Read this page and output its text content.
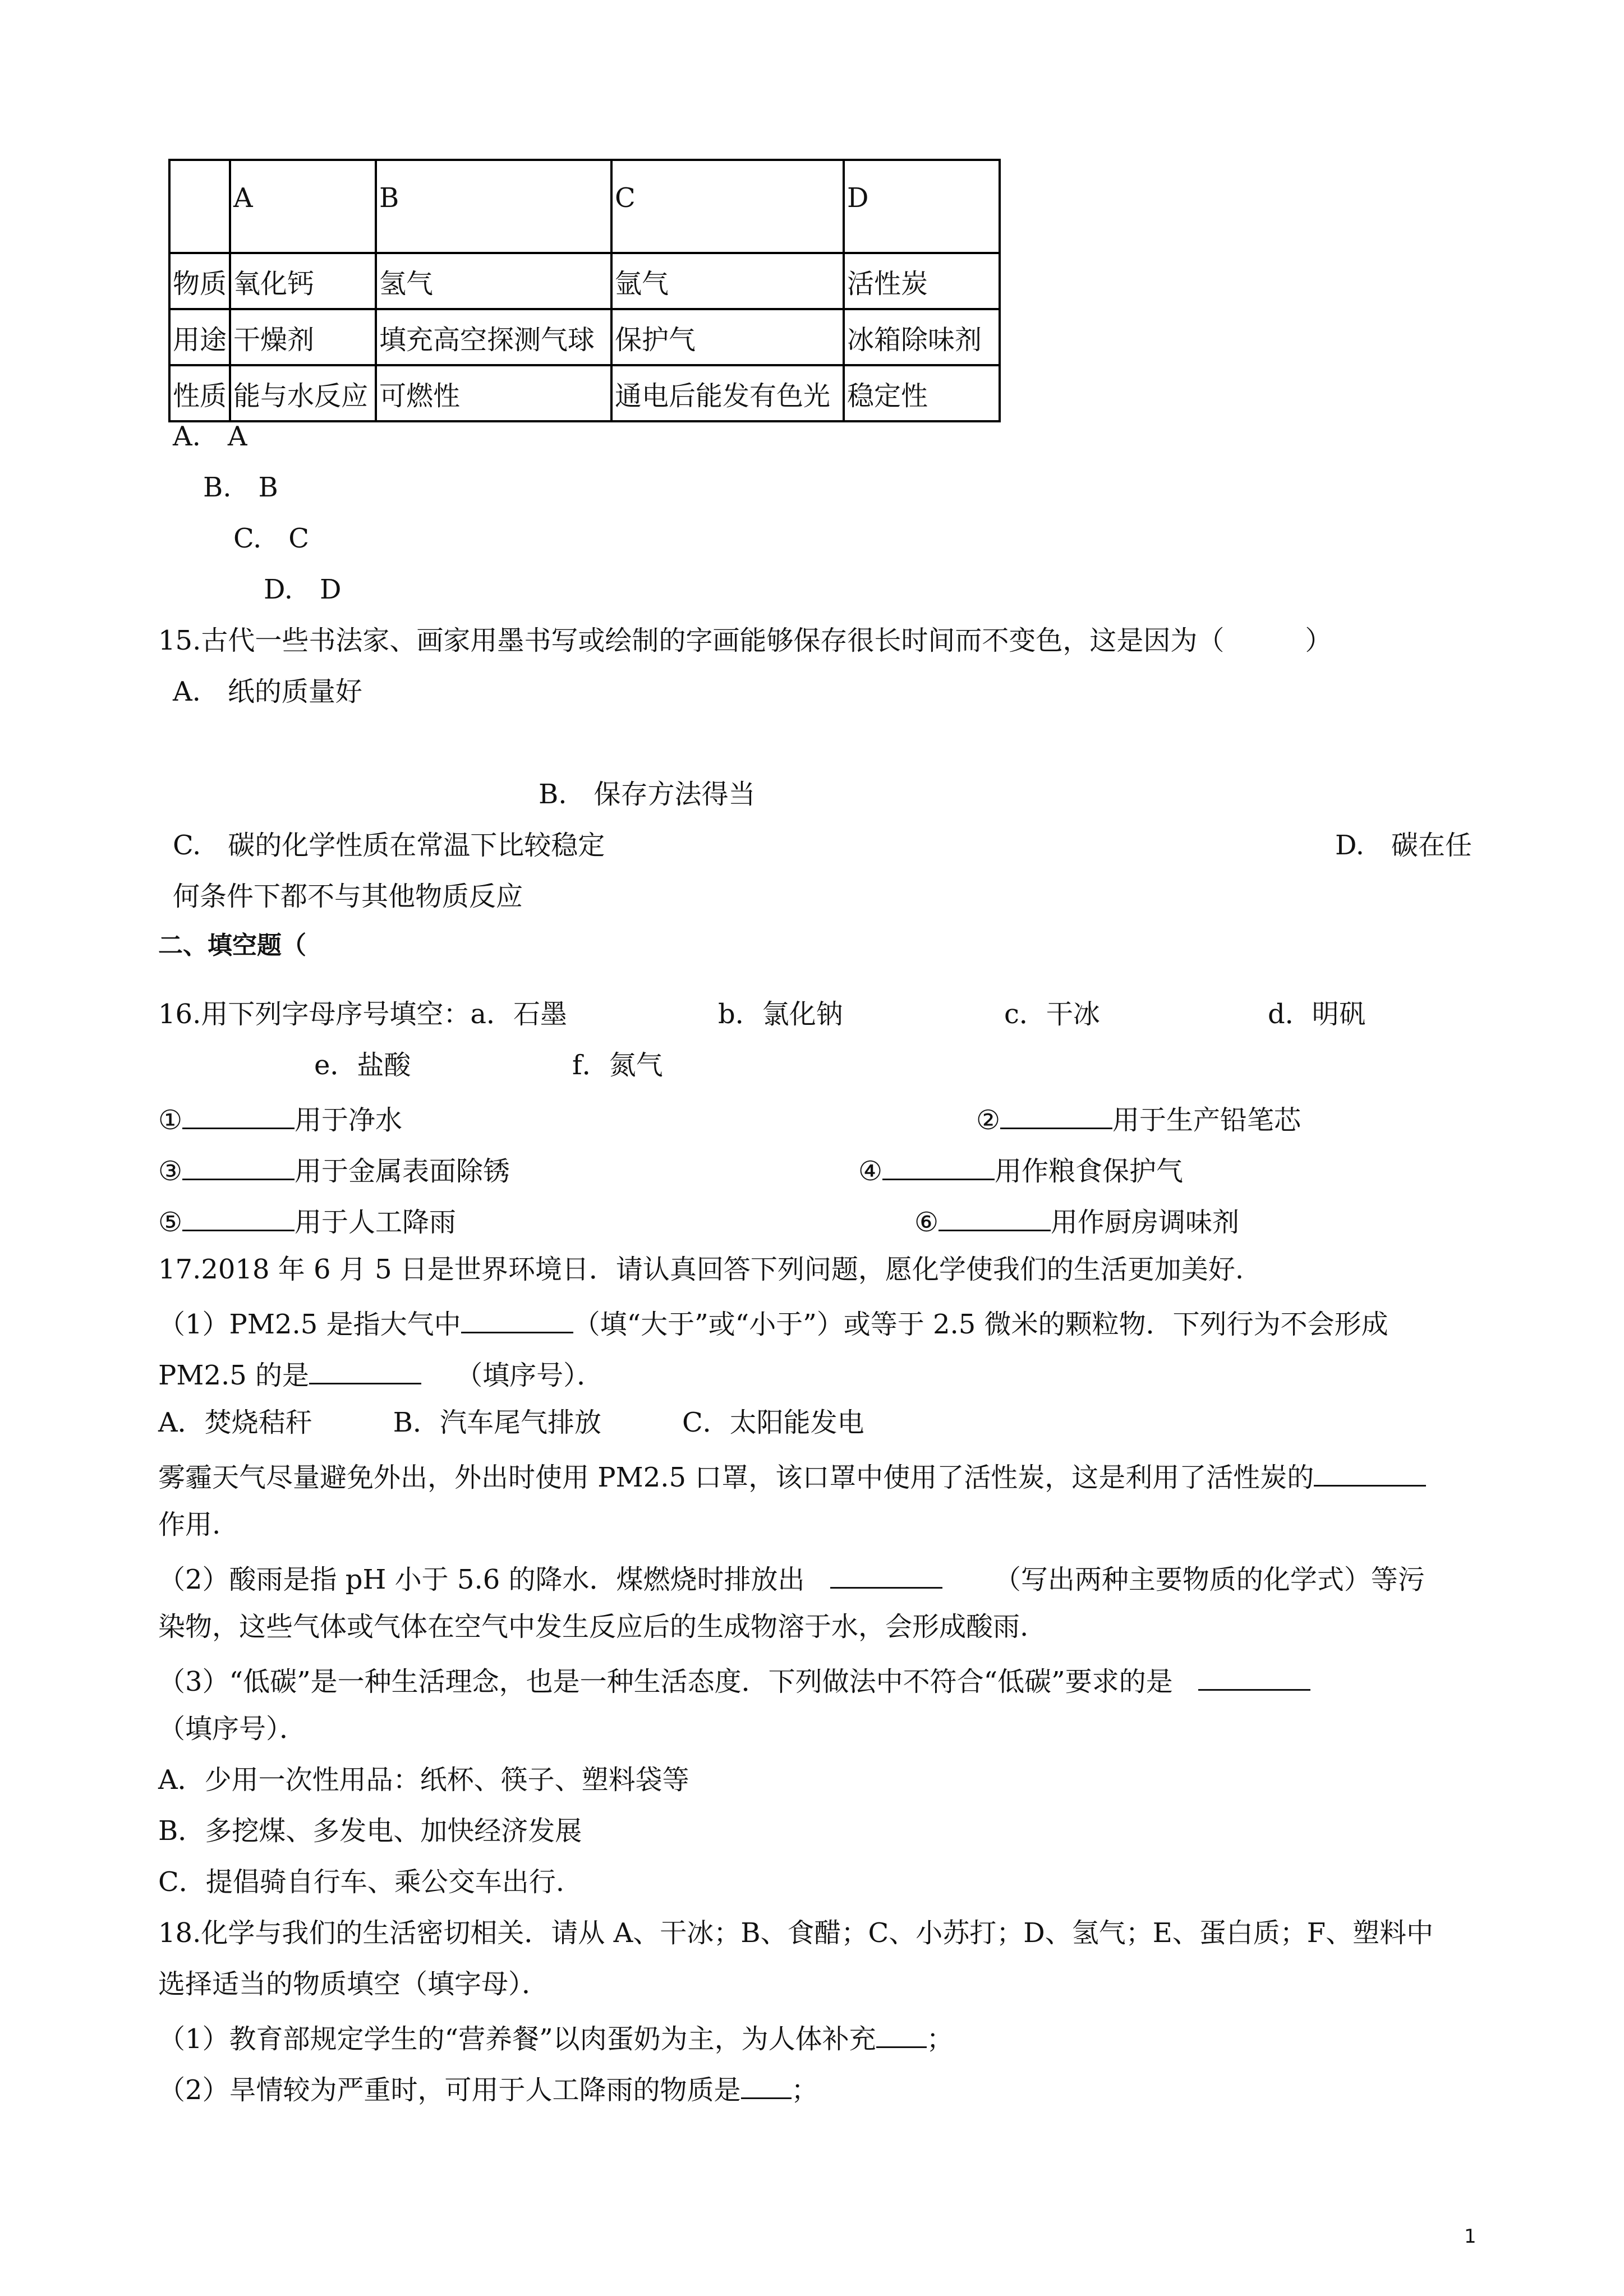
	A	B	C	D
物质	氧化钙	氢气	氩气	活性炭
用途	干燥剂	填充高空探测气球	保护气	冰箱除味剂
性质	能与水反应	可燃性	通电后能发有色光	稳定性
A.　A
B.　B
C.　C
D.　D
15.古代一些书法家、画家用墨书写或绘制的字画能够保存很长时间而不变色，这是因为（　　　）
A.　纸的质量好
B.　保存方法得当
C.　碳的化学性质在常温下比较稳定	D.　碳在任
何条件下都不与其他物质反应
二、填空题（
16.用下列字母序号填空：a．石墨	b．氯化钠	c．干冰	d．明矾
e．盐酸	f．氮气
①	用于净水	②	用于生产铅笔芯
③	用于金属表面除锈	④	用作粮食保护气
⑤	用于人工降雨	⑥	用作厨房调味剂
17.2018 年 6 月 5 日是世界环境日．请认真回答下列问题，愿化学使我们的生活更加美好.
（1）PM2.5 是指大气中	（填“大于”或“小于”）或等于 2.5 微米的颗粒物．下列行为不会形成
PM2.5 的是	（填序号）．
A．焚烧秸秆　　　B．汽车尾气排放　　　C．太阳能发电
雾霾天气尽量避免外出，外出时使用 PM2.5 口罩，该口罩中使用了活性炭，这是利用了活性炭的
作用.
（2）酸雨是指 pH 小于 5.6 的降水．煤燃烧时排放出	（写出两种主要物质的化学式）等污
染物，这些气体或气体在空气中发生反应后的生成物溶于水，会形成酸雨.
（3）“低碳”是一种生活理念，也是一种生活态度．下列做法中不符合“低碳”要求的是
（填序号）．
A．少用一次性用品：纸杯、筷子、塑料袋等
B．多挖煤、多发电、加快经济发展
C．提倡骑自行车、乘公交车出行.
18.化学与我们的生活密切相关．请从 A、干冰；B、食醋；C、小苏打；D、氢气；E、蛋白质；F、塑料中
选择适当的物质填空（填字母）．
（1）教育部规定学生的“营养餐”以肉蛋奶为主，为人体补充 ；
（2）旱情较为严重时，可用于人工降雨的物质是 ；
1
